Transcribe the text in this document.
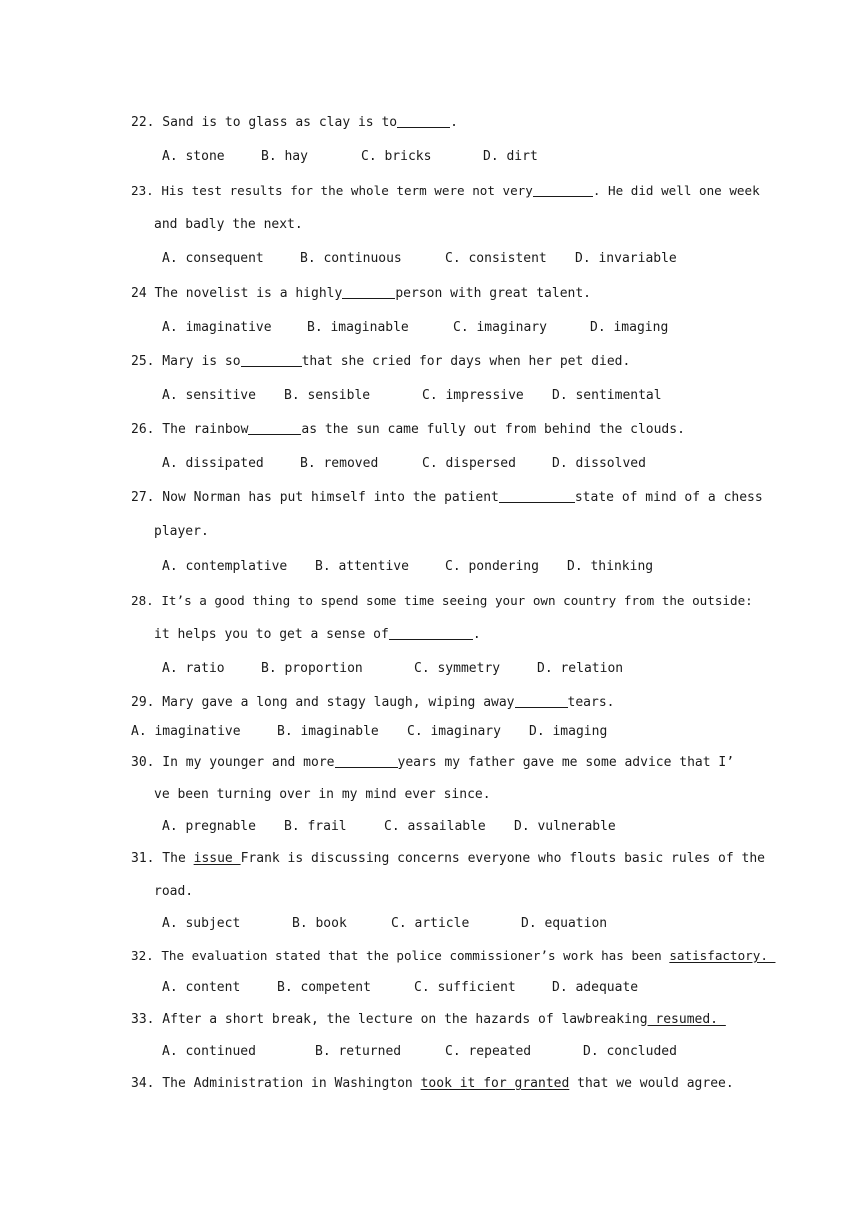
22. Sand is to glass as clay is to	.
A. stone	B. hay	C. bricks	D. dirt
23. His test results for the whole term were not very	. He did well one week
and badly the next.
A. consequent	B. continuous	C. consistent D. invariable
24 The novelist is a highly	person with great talent.
A. imaginative	B. imaginable	C. imaginary	D. imaging
25. Mary is so	that she cried for days when her pet died.
A. sensitive B. sensible	C. impressive D. sentimental
26. The rainbow	as the sun came fully out from behind the clouds.
A. dissipated	B. removed	C. dispersed	D. dissolved
27. Now Norman has put himself into the patient	state of mind of a chess
player.
A. contemplative B. attentive	C. pondering D. thinking
28. It’s a good thing to spend some time seeing your own country from the outside:
it helps you to get a sense of	.
A. ratio	B. proportion	C. symmetry	D. relation
29. Mary gave a long and stagy laugh, wiping away	tears.
A. imaginative	B. imaginable C. imaginary D. imaging
30. In my younger and more	years my father gave me some advice that I’
ve been turning over in my mind ever since.
A. pregnable B. frail	C. assailable D. vulnerable
31. The issue Frank is discussing concerns everyone who flouts basic rules of the
road.
A. subject	B. book	C. article	D. equation
32. The evaluation stated that the police commissioner’s work has been satisfactory.
A. content	B. competent	C. sufficient	D. adequate
33. After a short break, the lecture on the hazards of lawbreaking resumed.
A. continued	B. returned	C. repeated	D. concluded
34. The Administration in Washington took it for granted that we would agree.
